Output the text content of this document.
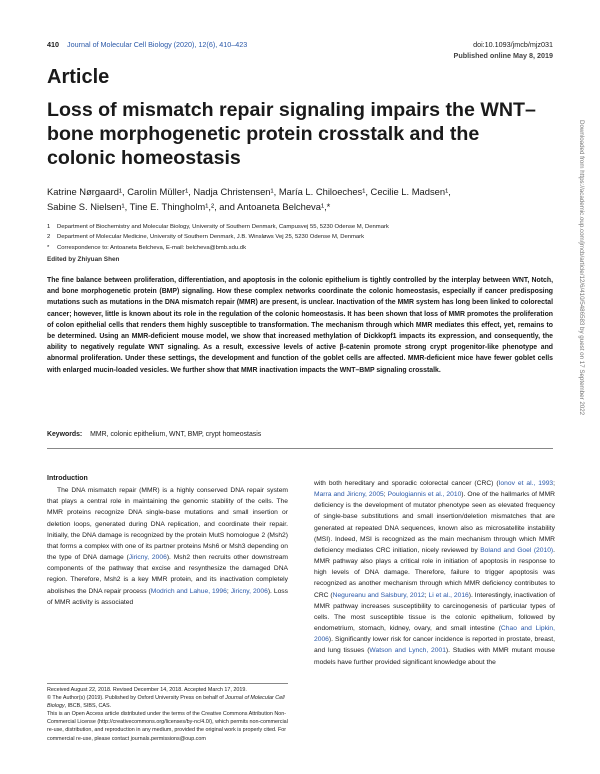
410 Journal of Molecular Cell Biology (2020), 12(6), 410–423	doi:10.1093/jmcb/mjz031
Published online May 8, 2019
Article
Loss of mismatch repair signaling impairs the WNT–bone morphogenetic protein crosstalk and the colonic homeostasis
Katrine Nørgaard¹, Carolin Müller¹, Nadja Christensen¹, María L. Chiloeches¹, Cecilie L. Madsen¹,
Sabine S. Nielsen¹, Tine E. Thingholm¹,², and Antoaneta Belcheva¹,*
1	Department of Biochemistry and Molecular Biology, University of Southern Denmark, Campusvej 55, 5230 Odense M, Denmark
2	Department of Molecular Medicine, University of Southern Denmark, J.B. Winsløws Vej 25, 5230 Odense M, Denmark
*	Correspondence to: Antoaneta Belcheva, E-mail: belcheva@bmb.sdu.dk
Edited by Zhiyuan Shen

The fine balance between proliferation, differentiation, and apoptosis in the colonic epithelium is tightly controlled by the interplay between WNT, Notch, and bone morphogenetic protein (BMP) signaling. How these complex networks coordinate the colonic homeostasis, especially if cancer predisposing mutations such as mutations in the DNA mismatch repair (MMR) are present, is unclear. Inactivation of the MMR system has long been linked to colorectal cancer; however, little is known about its role in the regulation of the colonic homeostasis. It has been shown that loss of MMR promotes the proliferation of colon epithelial cells that renders them highly susceptible to transformation. The mechanism through which MMR mediates this effect, yet, remains to be determined. Using an MMR-deficient mouse model, we show that increased methylation of Dickkopf1 impacts its expression, and consequently, the ability to negatively regulate WNT signaling. As a result, excessive levels of active β-catenin promote strong crypt progenitor-like phenotype and abnormal proliferation. Under these settings, the development and function of the goblet cells are affected. MMR-deficient mice have fewer goblet cells with enlarged mucin-loaded vesicles. We further show that MMR inactivation impacts the WNT–BMP signaling crosstalk.

Keywords: MMR, colonic epithelium, WNT, BMP, crypt homeostasis
Introduction

The DNA mismatch repair (MMR) is a highly conserved DNA repair system that plays a central role in maintaining the genomic stability of the cells. The MMR proteins recognize DNA single-base mutations and small insertion or deletion loops, generated during DNA replication, and coordinate their repair. Initially, the DNA damage is recognized by the protein MutS homologue 2 (Msh2) that forms a complex with one of its partner proteins Msh6 or Msh3 depending on the type of DNA damage (Jiricny, 2006). Msh2 then recruits other downstream components of the pathway that excise and resynthesize the damaged DNA region. Therefore, Msh2 is a key MMR protein, and its inactivation completely abolishes the DNA repair process (Modrich and Lahue, 1996; Jiricny, 2006). Loss of MMR activity is associated

with both hereditary and sporadic colorectal cancer (CRC) (Ionov et al., 1993; Marra and Jiricny, 2005; Poulogiannis et al., 2010). One of the hallmarks of MMR deficiency is the development of mutator phenotype seen as elevated frequency of single-base substitutions and small insertion/deletion mismatches that are generated at repeated DNA sequences, known also as microsatellite instability (MSI). Indeed, MSI is recognized as the main mechanism through which MMR deficiency mediates CRC initiation, nicely reviewed by Boland and Goel (2010). MMR pathway also plays a critical role in initiation of apoptosis in response to high levels of DNA damage. Therefore, failure to trigger apoptosis was recognized as another mechanism through which MMR deficiency contributes to CRC (Negureanu and Salsbury, 2012; Li et al., 2016). Interestingly, inactivation of MMR pathway increases susceptibility to carcinogenesis of particular types of cells. The most susceptible tissue is the colonic epithelium, followed by endometrium, stomach, kidney, ovary, and small intestine (Chao and Lipkin, 2006). Significantly lower risk for cancer incidence is reported in prostate, breast, and lung tissues (Watson and Lynch, 2001). Studies with MMR mutant mouse models have further provided significant knowledge about the

Received August 22, 2018. Revised December 14, 2018. Accepted March 17, 2019.

© The Author(s) (2019). Published by Oxford University Press on behalf of Journal of Molecular Cell Biology, IBCB, SIBS, CAS.

This is an Open Access article distributed under the terms of the Creative Commons Attribution Non-Commercial License (http://creativecommons.org/licenses/by-nc/4.0/), which permits non-commercial re-use, distribution, and reproduction in any medium, provided the original work is properly cited. For commercial re-use, please contact journals.permissions@oup.com

Downloaded from https://academic.oup.com/jmcb/article/12/6/410/5486583 by guest on 17 September 2022
